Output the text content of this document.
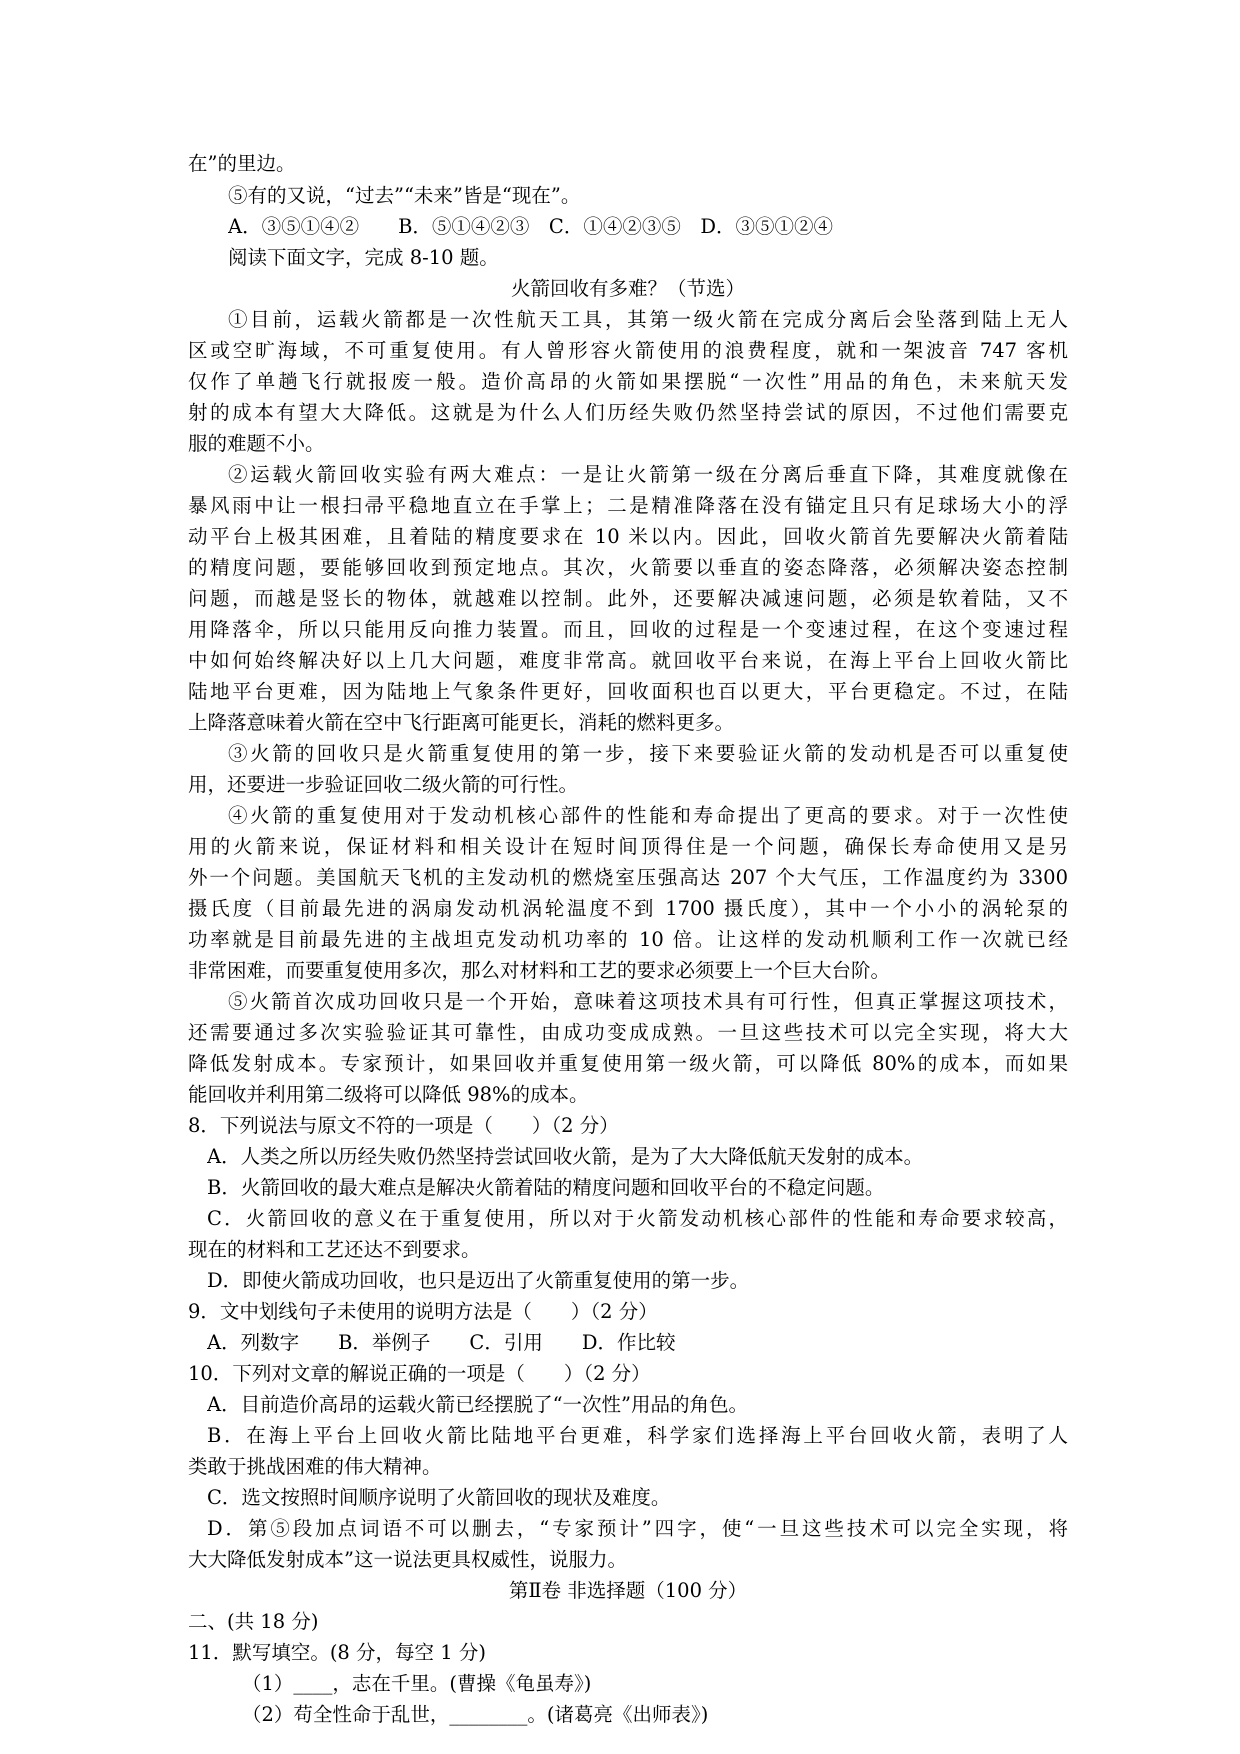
在”的里边。
⑤有的又说，“过去”“未来”皆是“现在”。
A．③⑤①④②　　B．⑤①④②③　C．①④②③⑤　D．③⑤①②④
阅读下面文字，完成 8-10 题。
火箭回收有多难？（节选）
①目前，运载火箭都是一次性航天工具，其第一级火箭在完成分离后会坠落到陆上无人
区或空旷海域，不可重复使用。有人曾形容火箭使用的浪费程度，就和一架波音 747 客机
仅作了单趟飞行就报废一般。造价高昂的火箭如果摆脱“一次性”用品的角色，未来航天发
射的成本有望大大降低。这就是为什么人们历经失败仍然坚持尝试的原因，不过他们需要克
服的难题不小。
②运载火箭回收实验有两大难点：一是让火箭第一级在分离后垂直下降，其难度就像在
暴风雨中让一根扫帚平稳地直立在手掌上；二是精准降落在没有锚定且只有足球场大小的浮
动平台上极其困难，且着陆的精度要求在 10 米以内。因此，回收火箭首先要解决火箭着陆
的精度问题，要能够回收到预定地点。其次，火箭要以垂直的姿态降落，必须解决姿态控制
问题，而越是竖长的物体，就越难以控制。此外，还要解决减速问题，必须是软着陆，又不
用降落伞，所以只能用反向推力装置。而且，回收的过程是一个变速过程，在这个变速过程
中如何始终解决好以上几大问题，难度非常高。就回收平台来说，在海上平台上回收火箭比
陆地平台更难，因为陆地上气象条件更好，回收面积也百以更大，平台更稳定。不过，在陆
上降落意味着火箭在空中飞行距离可能更长，消耗的燃料更多。
③火箭的回收只是火箭重复使用的第一步，接下来要验证火箭的发动机是否可以重复使
用，还要进一步验证回收二级火箭的可行性。
④火箭的重复使用对于发动机核心部件的性能和寿命提出了更高的要求。对于一次性使
用的火箭来说，保证材料和相关设计在短时间顶得住是一个问题，确保长寿命使用又是另
外一个问题。美国航天飞机的主发动机的燃烧室压强高达 207 个大气压，工作温度约为 3300
摄氏度（目前最先进的涡扇发动机涡轮温度不到 1700 摄氏度），其中一个小小的涡轮泵的
功率就是目前最先进的主战坦克发动机功率的 10 倍。让这样的发动机顺利工作一次就已经
非常困难，而要重复使用多次，那么对材料和工艺的要求必须要上一个巨大台阶。
⑤火箭首次成功回收只是一个开始，意味着这项技术具有可行性，但真正掌握这项技术，
还需要通过多次实验验证其可靠性，由成功变成成熟。一旦这些技术可以完全实现，将大大
降低发射成本。专家预计，如果回收并重复使用第一级火箭，可以降低 80%的成本，而如果
能回收并利用第二级将可以降低 98%的成本。
8．下列说法与原文不符的一项是（　　）（2 分）
A．人类之所以历经失败仍然坚持尝试回收火箭，是为了大大降低航天发射的成本。
B．火箭回收的最大难点是解决火箭着陆的精度问题和回收平台的不稳定问题。
C．火箭回收的意义在于重复使用，所以对于火箭发动机核心部件的性能和寿命要求较高，
现在的材料和工艺还达不到要求。
D．即使火箭成功回收，也只是迈出了火箭重复使用的第一步。
9．文中划线句子未使用的说明方法是（　　）（2 分）
A．列数字　　B．举例子　　C．引用　　D．作比较
10．下列对文章的解说正确的一项是（　　）（2 分）
A．目前造价高昂的运载火箭已经摆脱了“一次性”用品的角色。
B．在海上平台上回收火箭比陆地平台更难，科学家们选择海上平台回收火箭，表明了人
类敢于挑战困难的伟大精神。
C．选文按照时间顺序说明了火箭回收的现状及难度。
D．第⑤段加点词语不可以删去，“专家预计”四字，使“一旦这些技术可以完全实现，将
大大降低发射成本”这一说法更具权威性，说服力。
第Ⅱ卷 非选择题（100 分）
二、(共 18 分)
11．默写填空。(8 分，每空 1 分)
（1）____，志在千里。(曹操《龟虽寿》)
（2）苟全性命于乱世，________。(诸葛亮《出师表》)
